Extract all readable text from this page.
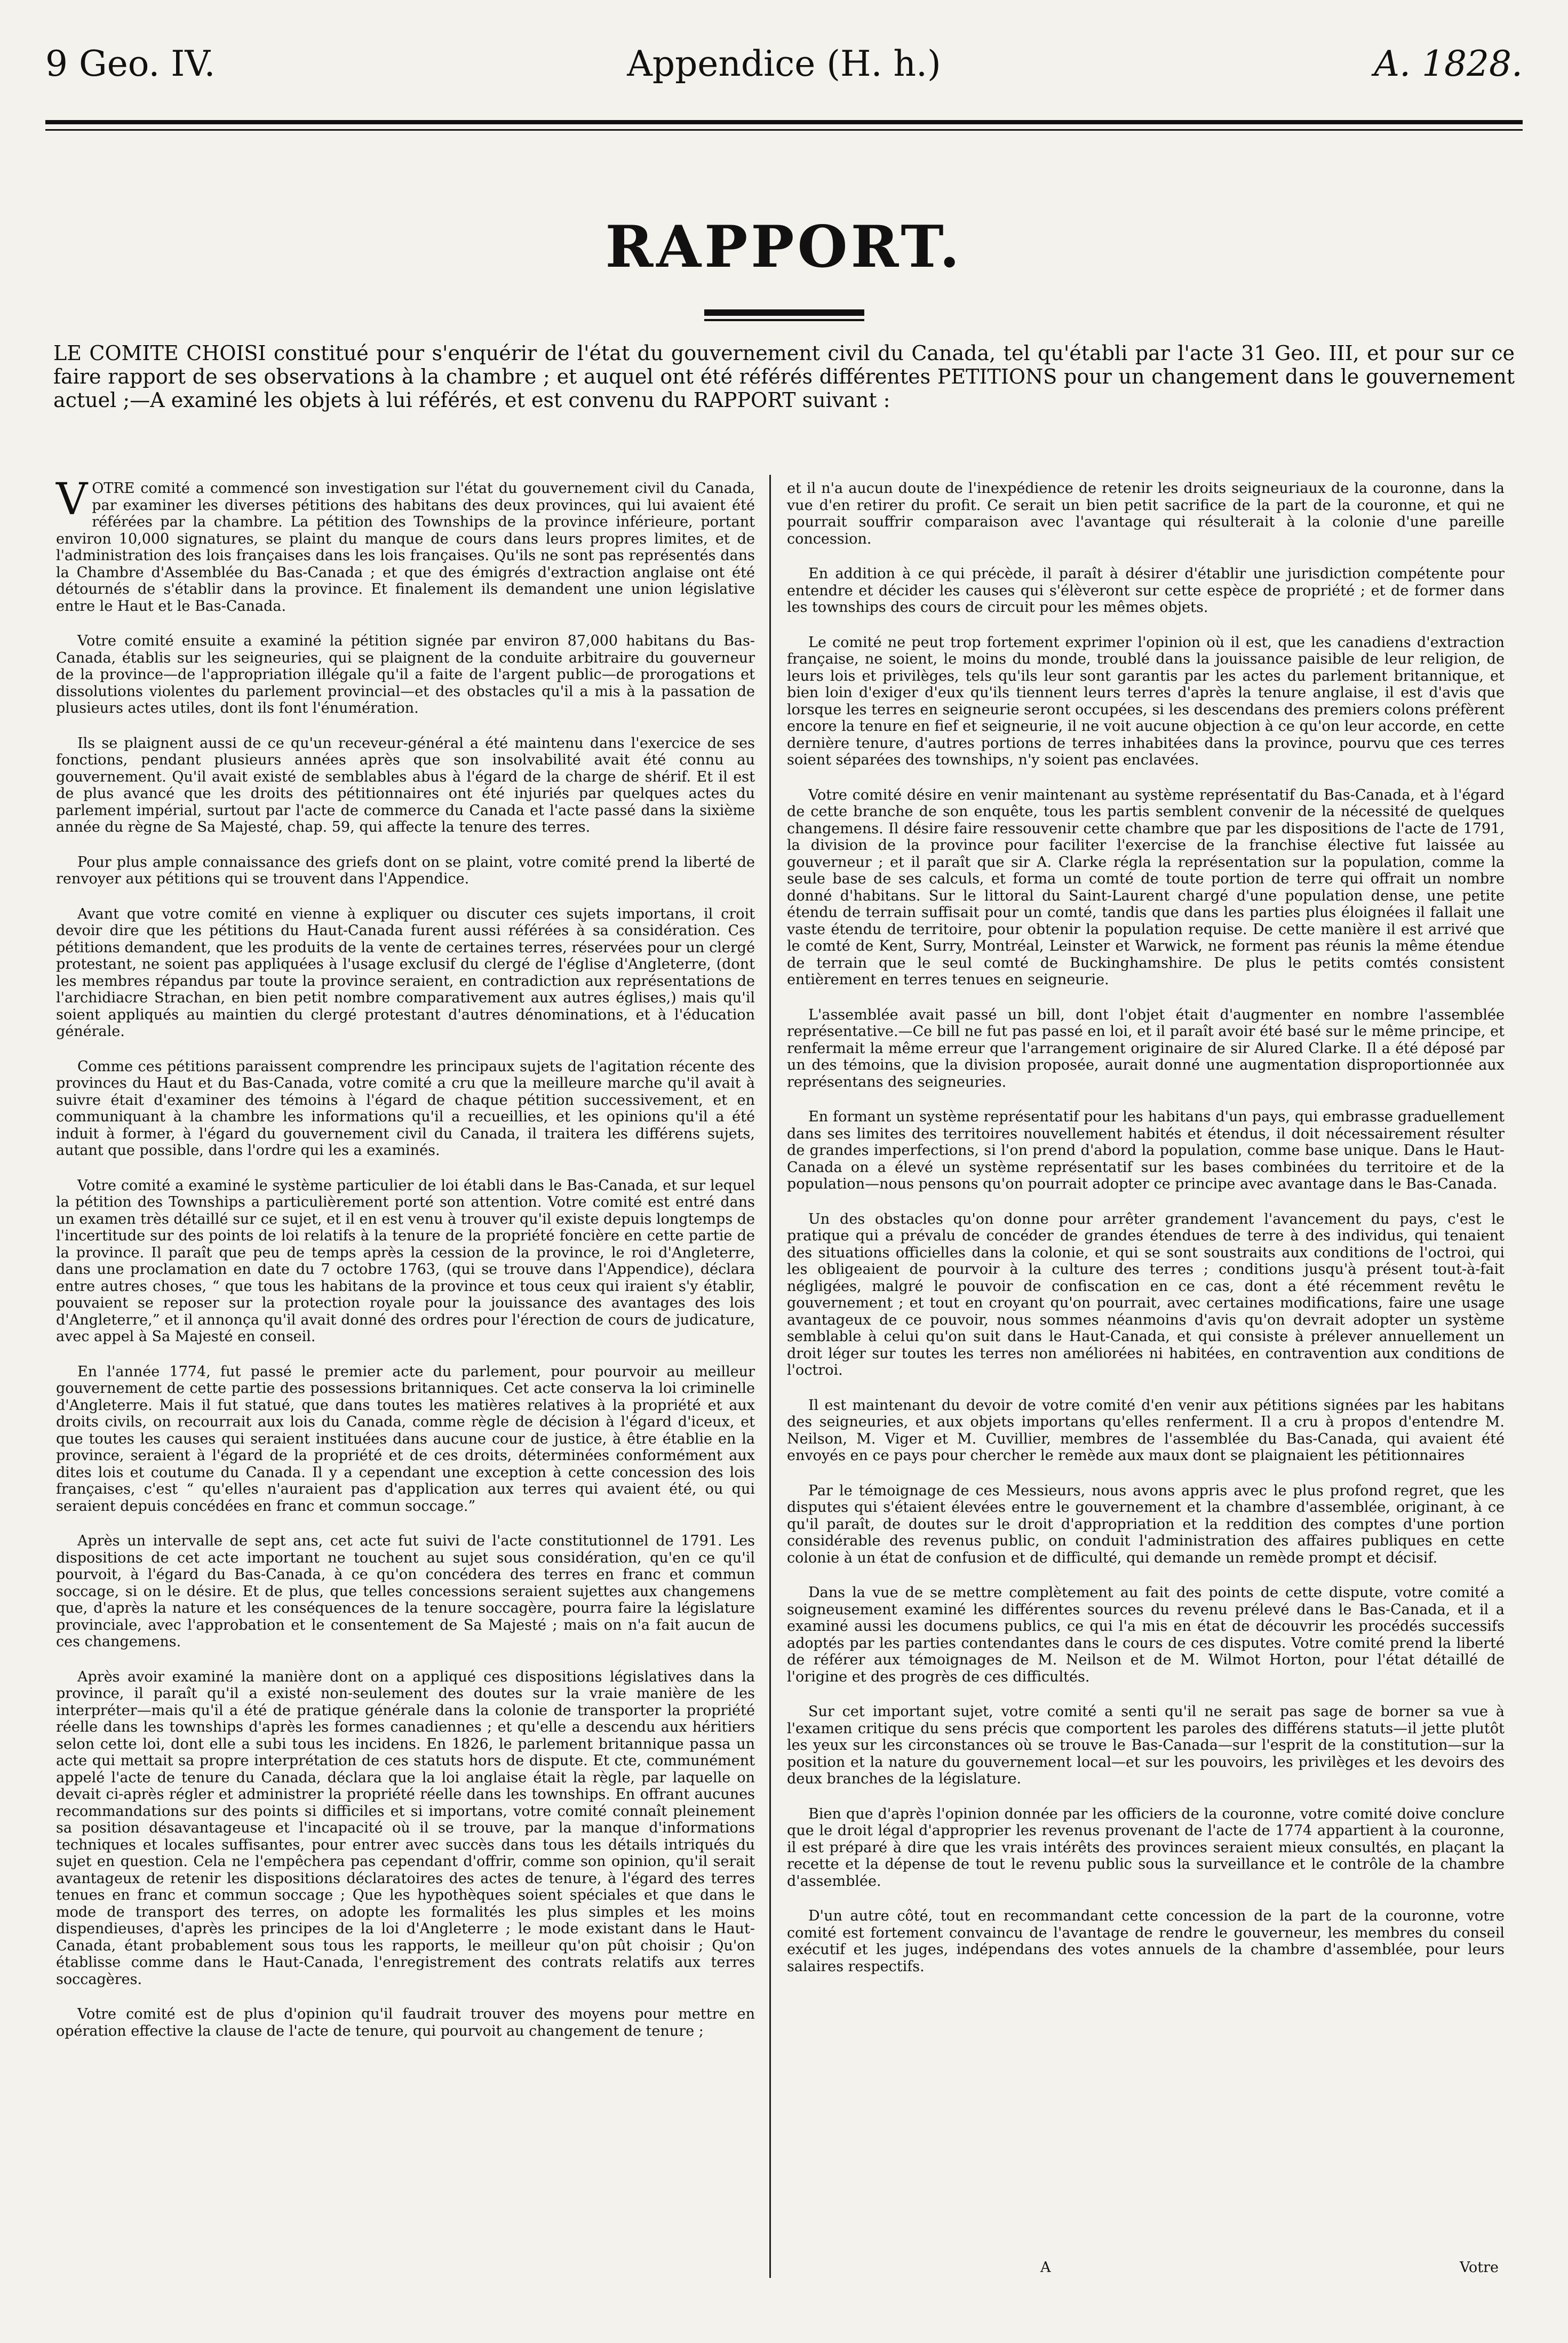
9 Geo. IV.	Appendice (H. h.)	A. 1828.
RAPPORT.
LE COMITE CHOISI constitué pour s'enquérir de l'état du gouvernement civil du Canada, tel qu'établi par l'acte 31 Geo. III, et pour sur ce faire rapport de ses observations à la chambre ; et auquel ont été référés différentes PETITIONS pour un changement dans le gouvernement actuel ;—A examiné les objets à lui référés, et est convenu du RAPPORT suivant :

VOTRE comité a commencé son investigation sur l'état du gouvernement civil du Canada, par examiner les diverses pétitions des habitans des deux provinces, qui lui avaient été référées par la chambre. La pétition des Townships de la province inférieure, portant environ 10,000 signatures, se plaint du manque de cours dans leurs propres limites, et de l'administration des lois françaises dans les lois françaises. Qu'ils ne sont pas représentés dans la Chambre d'Assemblée du Bas-Canada ; et que des émigrés d'extraction anglaise ont été détournés de s'établir dans la province. Et finalement ils demandent une union législative entre le Haut et le Bas-Canada.

Votre comité ensuite a examiné la pétition signée par environ 87,000 habitans du Bas-Canada, établis sur les seigneuries, qui se plaignent de la conduite arbitraire du gouverneur de la province—de l'appropriation illégale qu'il a faite de l'argent public—de prorogations et dissolutions violentes du parlement provincial—et des obstacles qu'il a mis à la passation de plusieurs actes utiles, dont ils font l'énumération.

Ils se plaignent aussi de ce qu'un receveur-général a été maintenu dans l'exercice de ses fonctions, pendant plusieurs années après que son insolvabilité avait été connu au gouvernement. Qu'il avait existé de semblables abus à l'égard de la charge de shérif. Et il est de plus avancé que les droits des pétitionnaires ont été injuriés par quelques actes du parlement impérial, surtout par l'acte de commerce du Canada et l'acte passé dans la sixième année du règne de Sa Majesté, chap. 59, qui affecte la tenure des terres.

Pour plus ample connaissance des griefs dont on se plaint, votre comité prend la liberté de renvoyer aux pétitions qui se trouvent dans l'Appendice.

Avant que votre comité en vienne à expliquer ou discuter ces sujets importans, il croit devoir dire que les pétitions du Haut-Canada furent aussi référées à sa considération. Ces pétitions demandent, que les produits de la vente de certaines terres, réservées pour un clergé protestant, ne soient pas appliquées à l'usage exclusif du clergé de l'église d'Angleterre, (dont les membres répandus par toute la province seraient, en contradiction aux représentations de l'archidiacre Strachan, en bien petit nombre comparativement aux autres églises,) mais qu'il soient appliqués au maintien du clergé protestant d'autres dénominations, et à l'éducation générale.

Comme ces pétitions paraissent comprendre les principaux sujets de l'agitation récente des provinces du Haut et du Bas-Canada, votre comité a cru que la meilleure marche qu'il avait à suivre était d'examiner des témoins à l'égard de chaque pétition successivement, et en communiquant à la chambre les informations qu'il a recueillies, et les opinions qu'il a été induit à former, à l'égard du gouvernement civil du Canada, il traitera les différens sujets, autant que possible, dans l'ordre qui les a examinés.

Votre comité a examiné le système particulier de loi établi dans le Bas-Canada, et sur lequel la pétition des Townships a particulièrement porté son attention. Votre comité est entré dans un examen très détaillé sur ce sujet, et il en est venu à trouver qu'il existe depuis longtemps de l'incertitude sur des points de loi relatifs à la tenure de la propriété foncière en cette partie de la province. Il paraît que peu de temps après la cession de la province, le roi d'Angleterre, dans une proclamation en date du 7 octobre 1763, (qui se trouve dans l'Appendice), déclara entre autres choses, “ que tous les habitans de la province et tous ceux qui iraient s'y établir, pouvaient se reposer sur la protection royale pour la jouissance des avantages des lois d'Angleterre,” et il annonça qu'il avait donné des ordres pour l'érection de cours de judicature, avec appel à Sa Majesté en conseil.

En l'année 1774, fut passé le premier acte du parlement, pour pourvoir au meilleur gouvernement de cette partie des possessions britanniques. Cet acte conserva la loi criminelle d'Angleterre. Mais il fut statué, que dans toutes les matières relatives à la propriété et aux droits civils, on recourrait aux lois du Canada, comme règle de décision à l'égard d'iceux, et que toutes les causes qui seraient instituées dans aucune cour de justice, à être établie en la province, seraient à l'égard de la propriété et de ces droits, déterminées conformément aux dites lois et coutume du Canada. Il y a cependant une exception à cette concession des lois françaises, c'est “ qu'elles n'auraient pas d'application aux terres qui avaient été, ou qui seraient depuis concédées en franc et commun soccage.”

Après un intervalle de sept ans, cet acte fut suivi de l'acte constitutionnel de 1791. Les dispositions de cet acte important ne touchent au sujet sous considération, qu'en ce qu'il pourvoit, à l'égard du Bas-Canada, à ce qu'on concédera des terres en franc et commun soccage, si on le désire. Et de plus, que telles concessions seraient sujettes aux changemens que, d'après la nature et les conséquences de la tenure soccagère, pourra faire la législature provinciale, avec l'approbation et le consentement de Sa Majesté ; mais on n'a fait aucun de ces changemens.

Après avoir examiné la manière dont on a appliqué ces dispositions législatives dans la province, il paraît qu'il a existé non-seulement des doutes sur la vraie manière de les interpréter—mais qu'il a été de pratique générale dans la colonie de transporter la propriété réelle dans les townships d'après les formes canadiennes ; et qu'elle a descendu aux héritiers selon cette loi, dont elle a subi tous les incidens. En 1826, le parlement britannique passa un acte qui mettait sa propre interprétation de ces statuts hors de dispute. Et cte, communément appelé l'acte de tenure du Canada, déclara que la loi anglaise était la règle, par laquelle on devait ci-après régler et administrer la propriété réelle dans les townships. En offrant aucunes recommandations sur des points si difficiles et si importans, votre comité connaît pleinement sa position désavantageuse et l'incapacité où il se trouve, par la manque d'informations techniques et locales suffisantes, pour entrer avec succès dans tous les détails intriqués du sujet en question. Cela ne l'empêchera pas cependant d'offrir, comme son opinion, qu'il serait avantageux de retenir les dispositions déclaratoires des actes de tenure, à l'égard des terres tenues en franc et commun soccage ; Que les hypothèques soient spéciales et que dans le mode de transport des terres, on adopte les formalités les plus simples et les moins dispendieuses, d'après les principes de la loi d'Angleterre ; le mode existant dans le Haut-Canada, étant probablement sous tous les rapports, le meilleur qu'on pût choisir ; Qu'on établisse comme dans le Haut-Canada, l'enregistrement des contrats relatifs aux terres soccagères.

Votre comité est de plus d'opinion qu'il faudrait trouver des moyens pour mettre en opération effective la clause de l'acte de tenure, qui pourvoit au changement de tenure ;

et il n'a aucun doute de l'inexpédience de retenir les droits seigneuriaux de la couronne, dans la vue d'en retirer du profit. Ce serait un bien petit sacrifice de la part de la couronne, et qui ne pourrait souffrir comparaison avec l'avantage qui résulterait à la colonie d'une pareille concession.

En addition à ce qui précède, il paraît à désirer d'établir une jurisdiction compétente pour entendre et décider les causes qui s'élèveront sur cette espèce de propriété ; et de former dans les townships des cours de circuit pour les mêmes objets.

Le comité ne peut trop fortement exprimer l'opinion où il est, que les canadiens d'extraction française, ne soient, le moins du monde, troublé dans la jouissance paisible de leur religion, de leurs lois et privilèges, tels qu'ils leur sont garantis par les actes du parlement britannique, et bien loin d'exiger d'eux qu'ils tiennent leurs terres d'après la tenure anglaise, il est d'avis que lorsque les terres en seigneurie seront occupées, si les descendans des premiers colons préfèrent encore la tenure en fief et seigneurie, il ne voit aucune objection à ce qu'on leur accorde, en cette dernière tenure, d'autres portions de terres inhabitées dans la province, pourvu que ces terres soient séparées des townships, n'y soient pas enclavées.

Votre comité désire en venir maintenant au système représentatif du Bas-Canada, et à l'égard de cette branche de son enquête, tous les partis semblent convenir de la nécessité de quelques changemens. Il désire faire ressouvenir cette chambre que par les dispositions de l'acte de 1791, la division de la province pour faciliter l'exercise de la franchise élective fut laissée au gouverneur ; et il paraît que sir A. Clarke régla la représentation sur la population, comme la seule base de ses calculs, et forma un comté de toute portion de terre qui offrait un nombre donné d'habitans. Sur le littoral du Saint-Laurent chargé d'une population dense, une petite étendu de terrain suffisait pour un comté, tandis que dans les parties plus éloignées il fallait une vaste étendu de territoire, pour obtenir la population requise. De cette manière il est arrivé que le comté de Kent, Surry, Montréal, Leinster et Warwick, ne forment pas réunis la même étendue de terrain que le seul comté de Buckinghamshire. De plus le petits comtés consistent entièrement en terres tenues en seigneurie.

L'assemblée avait passé un bill, dont l'objet était d'augmenter en nombre l'assemblée représentative.—Ce bill ne fut pas passé en loi, et il paraît avoir été basé sur le même principe, et renfermait la même erreur que l'arrangement originaire de sir Alured Clarke. Il a été déposé par un des témoins, que la division proposée, aurait donné une augmentation disproportionnée aux représentans des seigneuries.

En formant un système représentatif pour les habitans d'un pays, qui embrasse graduellement dans ses limites des territoires nouvellement habités et étendus, il doit nécessairement résulter de grandes imperfections, si l'on prend d'abord la population, comme base unique. Dans le Haut-Canada on a élevé un système représentatif sur les bases combinées du territoire et de la population—nous pensons qu'on pourrait adopter ce principe avec avantage dans le Bas-Canada.

Un des obstacles qu'on donne pour arrêter grandement l'avancement du pays, c'est le pratique qui a prévalu de concéder de grandes étendues de terre à des individus, qui tenaient des situations officielles dans la colonie, et qui se sont soustraits aux conditions de l'octroi, qui les obligeaient de pourvoir à la culture des terres ; conditions jusqu'à présent tout-à-fait négligées, malgré le pouvoir de confiscation en ce cas, dont a été récemment revêtu le gouvernement ; et tout en croyant qu'on pourrait, avec certaines modifications, faire une usage avantageux de ce pouvoir, nous sommes néanmoins d'avis qu'on devrait adopter un système semblable à celui qu'on suit dans le Haut-Canada, et qui consiste à prélever annuellement un droit léger sur toutes les terres non améliorées ni habitées, en contravention aux conditions de l'octroi.

Il est maintenant du devoir de votre comité d'en venir aux pétitions signées par les habitans des seigneuries, et aux objets importans qu'elles renferment. Il a cru à propos d'entendre M. Neilson, M. Viger et M. Cuvillier, membres de l'assemblée du Bas-Canada, qui avaient été envoyés en ce pays pour chercher le remède aux maux dont se plaignaient les pétitionnaires

Par le témoignage de ces Messieurs, nous avons appris avec le plus profond regret, que les disputes qui s'étaient élevées entre le gouvernement et la chambre d'assemblée, originant, à ce qu'il paraît, de doutes sur le droit d'appropriation et la reddition des comptes d'une portion considérable des revenus public, on conduit l'administration des affaires publiques en cette colonie à un état de confusion et de difficulté, qui demande un remède prompt et décisif.

Dans la vue de se mettre complètement au fait des points de cette dispute, votre comité a soigneusement examiné les différentes sources du revenu prélevé dans le Bas-Canada, et il a examiné aussi les documens publics, ce qui l'a mis en état de découvrir les procédés successifs adoptés par les parties contendantes dans le cours de ces disputes. Votre comité prend la liberté de référer aux témoignages de M. Neilson et de M. Wilmot Horton, pour l'état détaillé de l'origine et des progrès de ces difficultés.

Sur cet important sujet, votre comité a senti qu'il ne serait pas sage de borner sa vue à l'examen critique du sens précis que comportent les paroles des différens statuts—il jette plutôt les yeux sur les circonstances où se trouve le Bas-Canada—sur l'esprit de la constitution—sur la position et la nature du gouvernement local—et sur les pouvoirs, les privilèges et les devoirs des deux branches de la législature.

Bien que d'après l'opinion donnée par les officiers de la couronne, votre comité doive conclure que le droit légal d'approprier les revenus provenant de l'acte de 1774 appartient à la couronne, il est préparé à dire que les vrais intérêts des provinces seraient mieux consultés, en plaçant la recette et la dépense de tout le revenu public sous la surveillance et le contrôle de la chambre d'assemblée.

D'un autre côté, tout en recommandant cette concession de la part de la couronne, votre comité est fortement convaincu de l'avantage de rendre le gouverneur, les membres du conseil exécutif et les juges, indépendans des votes annuels de la chambre d'assemblée, pour leurs salaires respectifs.

A	Votre
